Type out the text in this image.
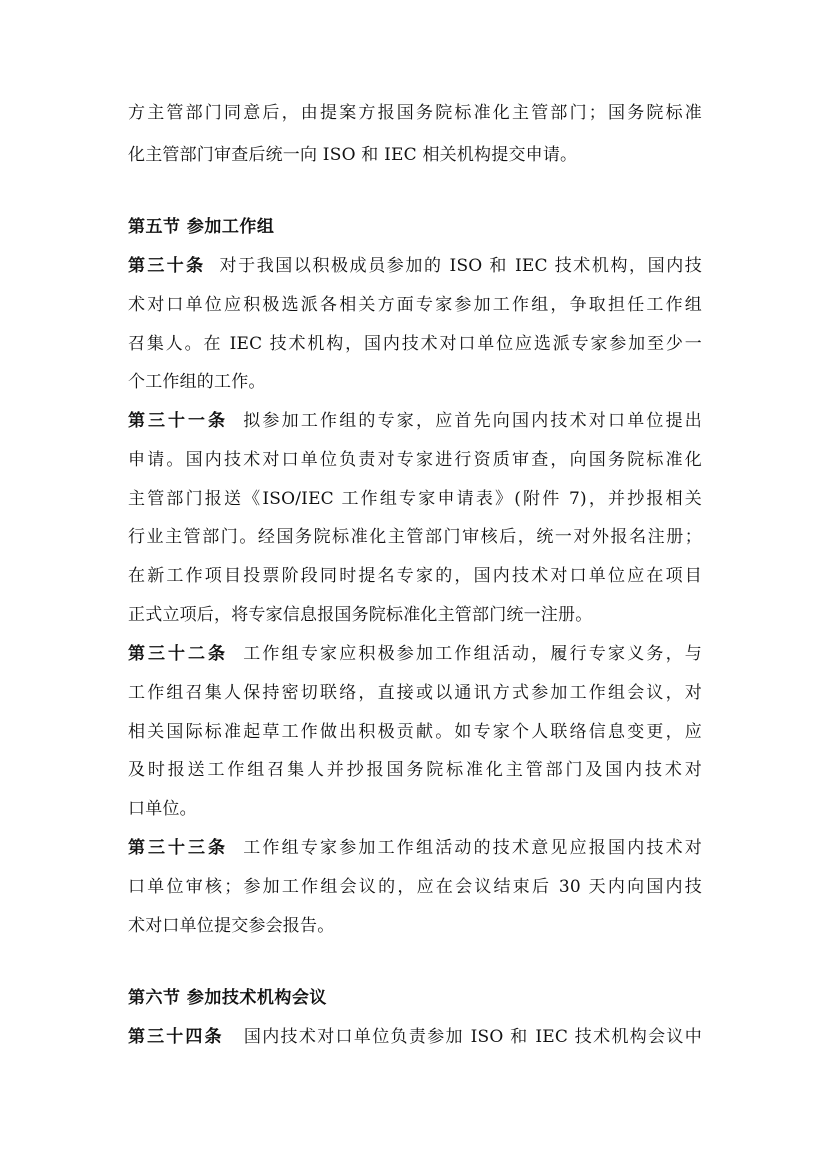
方主管部门同意后，由提案方报国务院标准化主管部门；国务院标准
化主管部门审查后统一向 ISO 和 IEC 相关机构提交申请。
第五节 参加工作组
第三十条 对于我国以积极成员参加的 ISO 和 IEC 技术机构，国内技
术对口单位应积极选派各相关方面专家参加工作组，争取担任工作组
召集人。在 IEC 技术机构，国内技术对口单位应选派专家参加至少一
个工作组的工作。
第三十一条 拟参加工作组的专家，应首先向国内技术对口单位提出
申请。国内技术对口单位负责对专家进行资质审查，向国务院标准化
主管部门报送《ISO/IEC 工作组专家申请表》(附件 7)，并抄报相关
行业主管部门。经国务院标准化主管部门审核后，统一对外报名注册；
在新工作项目投票阶段同时提名专家的，国内技术对口单位应在项目
正式立项后，将专家信息报国务院标准化主管部门统一注册。
第三十二条 工作组专家应积极参加工作组活动，履行专家义务，与
工作组召集人保持密切联络，直接或以通讯方式参加工作组会议，对
相关国际标准起草工作做出积极贡献。如专家个人联络信息变更，应
及时报送工作组召集人并抄报国务院标准化主管部门及国内技术对
口单位。
第三十三条 工作组专家参加工作组活动的技术意见应报国内技术对
口单位审核；参加工作组会议的，应在会议结束后 30 天内向国内技
术对口单位提交参会报告。
第六节 参加技术机构会议
第三十四条 国内技术对口单位负责参加 ISO 和 IEC 技术机构会议中
